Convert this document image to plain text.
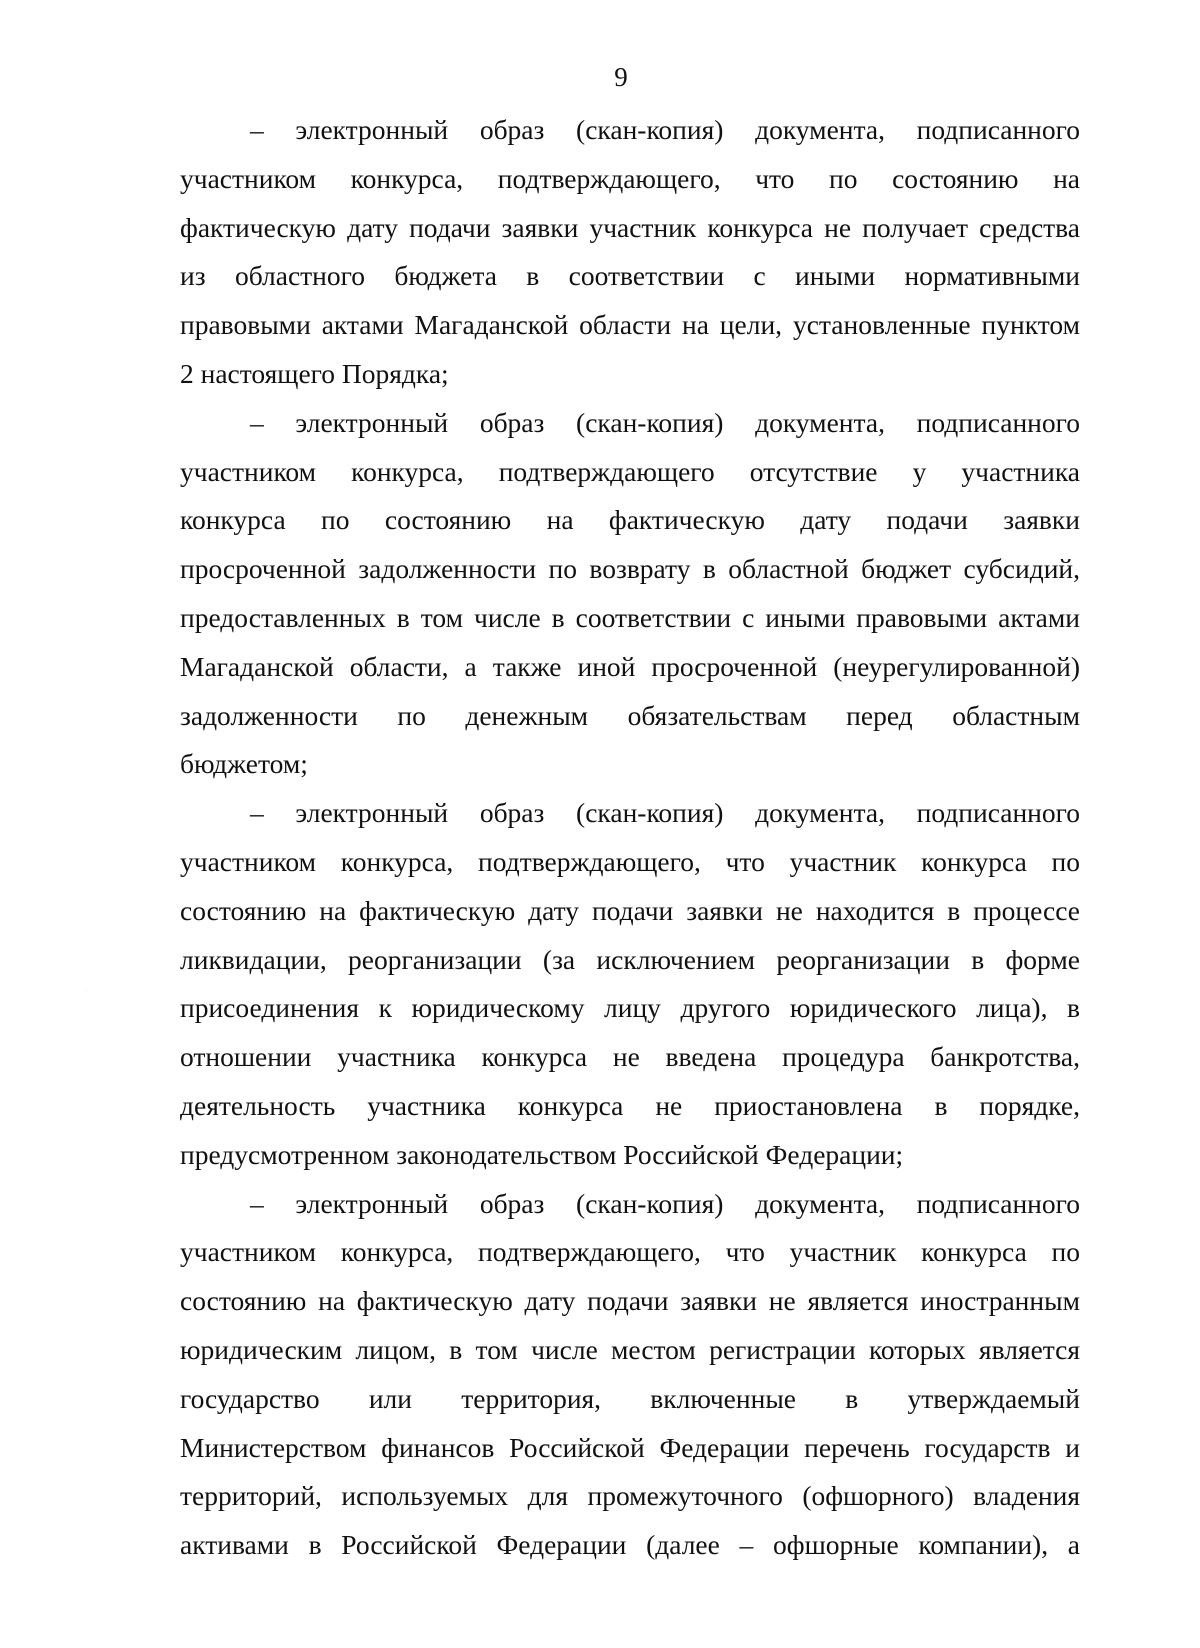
9

– электронный образ (скан-копия) документа, подписанного
участником конкурса, подтверждающего, что по состоянию на
фактическую дату подачи заявки участник конкурса не получает средства
из областного бюджета в соответствии с иными нормативными
правовыми актами Магаданской области на цели, установленные пунктом
2 настоящего Порядка;

– электронный образ (скан-копия) документа, подписанного
участником конкурса, подтверждающего отсутствие у участника
конкурса по состоянию на фактическую дату подачи заявки
просроченной задолженности по возврату в областной бюджет субсидий,
предоставленных в том числе в соответствии с иными правовыми актами
Магаданской области, а также иной просроченной (неурегулированной)
задолженности по денежным обязательствам перед областным
бюджетом;

– электронный образ (скан-копия) документа, подписанного
участником конкурса, подтверждающего, что участник конкурса по
состоянию на фактическую дату подачи заявки не находится в процессе
ликвидации, реорганизации (за исключением реорганизации в форме
присоединения к юридическому лицу другого юридического лица), в
отношении участника конкурса не введена процедура банкротства,
деятельность участника конкурса не приостановлена в порядке,
предусмотренном законодательством Российской Федерации;

– электронный образ (скан-копия) документа, подписанного
участником конкурса, подтверждающего, что участник конкурса по
состоянию на фактическую дату подачи заявки не является иностранным
юридическим лицом, в том числе местом регистрации которых является
государство или территория, включенные в утверждаемый
Министерством финансов Российской Федерации перечень государств и
территорий, используемых для промежуточного (офшорного) владения
активами в Российской Федерации (далее – офшорные компании), а
